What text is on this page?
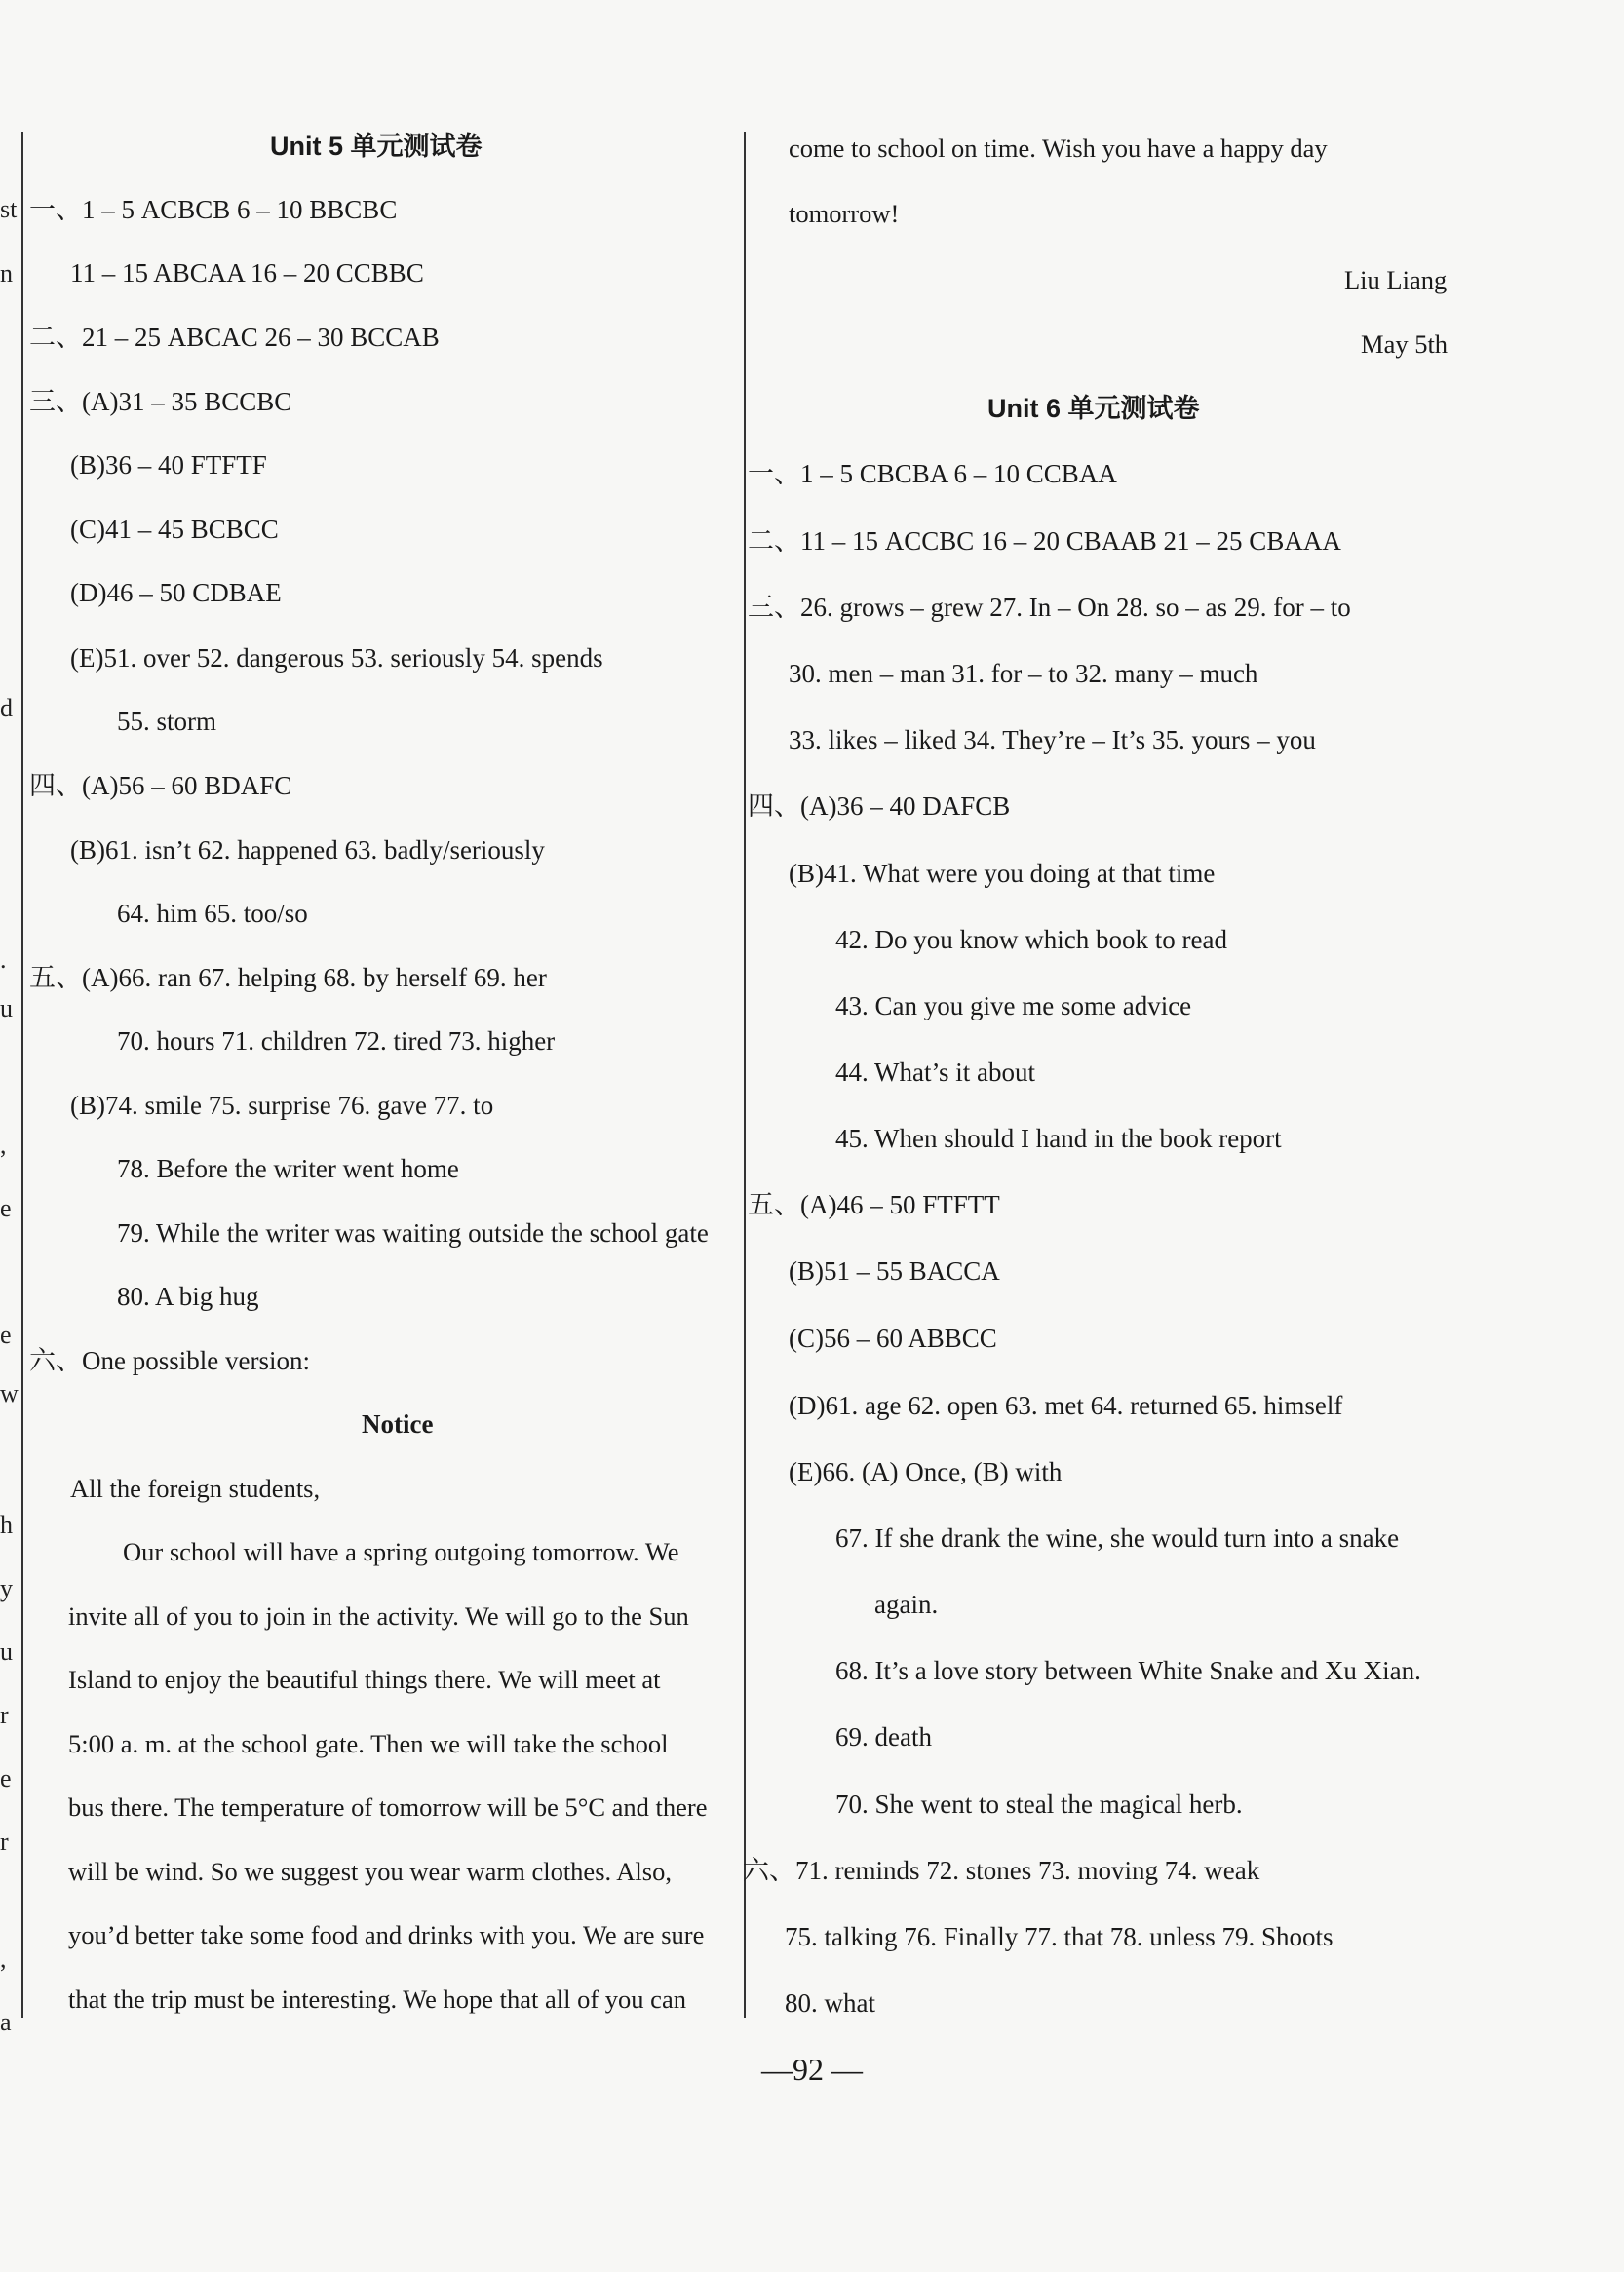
st
n
d
.
u
,
e
e
w
h
y
u
r
e
r
,
a
Unit 5 单元测试卷
一、1 – 5 ACBCB 6 – 10 BBCBC
11 – 15 ABCAA 16 – 20 CCBBC
二、21 – 25 ABCAC 26 – 30 BCCAB
三、(A)31 – 35 BCCBC
(B)36 – 40 FTFTF
(C)41 – 45 BCBCC
(D)46 – 50 CDBAE
(E)51. over 52. dangerous 53. seriously 54. spends
55. storm
四、(A)56 – 60 BDAFC
(B)61. isn’t 62. happened 63. badly/seriously
64. him 65. too/so
五、(A)66. ran 67. helping 68. by herself 69. her
70. hours 71. children 72. tired 73. higher
(B)74. smile 75. surprise 76. gave 77. to
78. Before the writer went home
79. While the writer was waiting outside the school gate
80. A big hug
六、One possible version:
Notice
All the foreign students,
Our school will have a spring outgoing tomorrow. We
invite all of you to join in the activity. We will go to the Sun
Island to enjoy the beautiful things there. We will meet at
5:00 a. m. at the school gate. Then we will take the school
bus there. The temperature of tomorrow will be 5°C and there
will be wind. So we suggest you wear warm clothes. Also,
you’d better take some food and drinks with you. We are sure
that the trip must be interesting. We hope that all of you can
come to school on time. Wish you have a happy day
tomorrow!
Liu Liang
May 5th
Unit 6 单元测试卷
一、1 – 5 CBCBA 6 – 10 CCBAA
二、11 – 15 ACCBC 16 – 20 CBAAB 21 – 25 CBAAA
三、26. grows – grew 27. In – On 28. so – as 29. for – to
30. men – man 31. for – to 32. many – much
33. likes – liked 34. They’re – It’s 35. yours – you
四、(A)36 – 40 DAFCB
(B)41. What were you doing at that time
42. Do you know which book to read
43. Can you give me some advice
44. What’s it about
45. When should I hand in the book report
五、(A)46 – 50 FTFTT
(B)51 – 55 BACCA
(C)56 – 60 ABBCC
(D)61. age 62. open 63. met 64. returned 65. himself
(E)66. (A) Once, (B) with
67. If she drank the wine, she would turn into a snake
again.
68. It’s a love story between White Snake and Xu Xian.
69. death
70. She went to steal the magical herb.
六、71. reminds 72. stones 73. moving 74. weak
75. talking 76. Finally 77. that 78. unless 79. Shoots
80. what
—92 —
